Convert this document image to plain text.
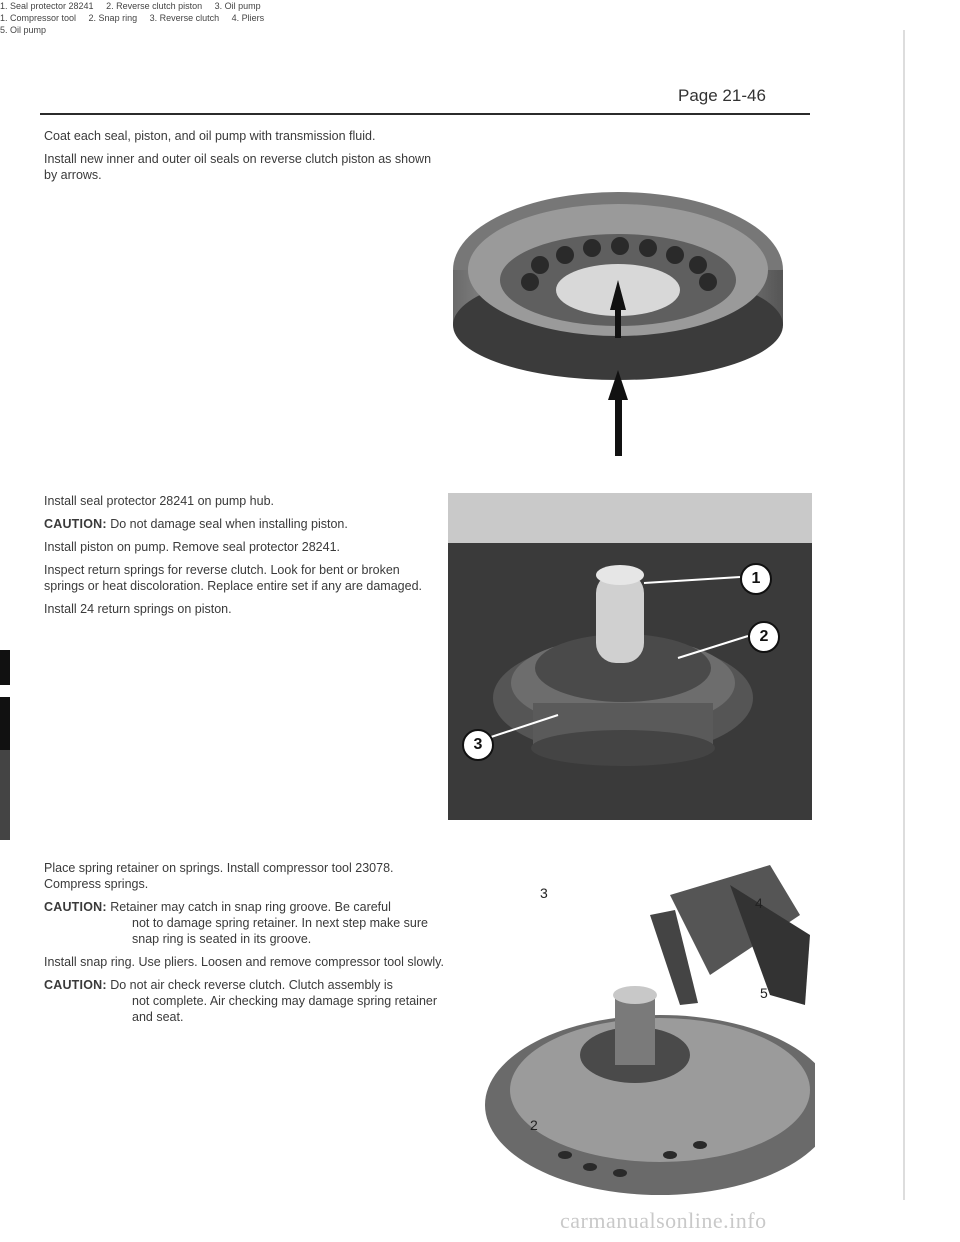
Page 21-46

Coat each seal, piston, and oil pump with transmission fluid.

Install new inner and outer oil seals on reverse clutch piston as shown by arrows.

Install seal protector 28241 on pump hub.

CAUTION: Do not damage seal when installing piston.

Install piston on pump. Remove seal protector 28241.

Inspect return springs for reverse clutch. Look for bent or broken springs or heat discoloration. Replace entire set if any are damaged.

Install 24 return springs on piston.

1. Seal protector 28241 2. Reverse clutch piston 3. Oil pump
1
2
3

Place spring retainer on springs. Install compressor tool 23078. Compress springs.

CAUTION: Retainer may catch in snap ring groove. Be careful
not to damage spring retainer. In next step make sure snap ring is seated in its groove.

Install snap ring. Use pliers. Loosen and remove compressor tool slowly.

CAUTION: Do not air check reverse clutch. Clutch assembly is
not complete. Air checking may damage spring retainer and seat.

1. Compressor tool 2. Snap ring 3. Reverse clutch 4. Pliers
5. Oil pump
3
4
5
2
carmanualsonline.info
